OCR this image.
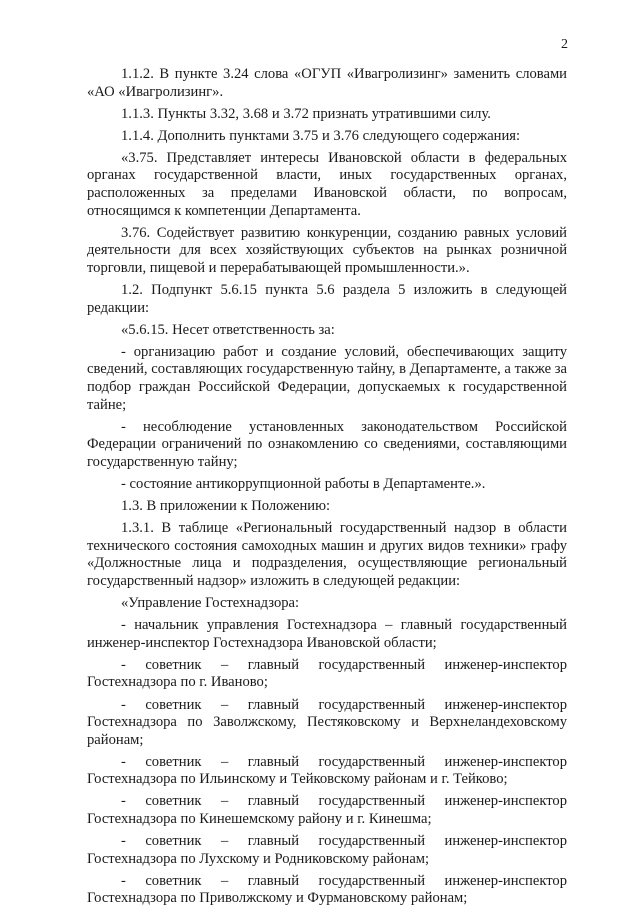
2

1.1.2. В пункте 3.24 слова «ОГУП «Ивагролизинг» заменить словами «АО «Ивагролизинг».

1.1.3. Пункты 3.32, 3.68 и 3.72 признать утратившими силу.

1.1.4. Дополнить пунктами 3.75 и 3.76 следующего содержания:

«3.75. Представляет интересы Ивановской области в федеральных органах государственной власти, иных государственных органах, расположенных за пределами Ивановской области, по вопросам, относящимся к компетенции Департамента.

3.76. Содействует развитию конкуренции, созданию равных условий деятельности для всех хозяйствующих субъектов на рынках розничной торговли, пищевой и перерабатывающей промышленности.».

1.2. Подпункт 5.6.15 пункта 5.6 раздела 5 изложить в следующей редакции:

«5.6.15. Несет ответственность за:

- организацию работ и создание условий, обеспечивающих защиту сведений, составляющих государственную тайну, в Департаменте, а также за подбор граждан Российской Федерации, допускаемых к государственной тайне;

- несоблюдение установленных законодательством Российской Федерации ограничений по ознакомлению со сведениями, составляющими государственную тайну;

- состояние антикоррупционной работы в Департаменте.».

1.3. В приложении к Положению:

1.3.1. В таблице «Региональный государственный надзор в области технического состояния самоходных машин и других видов техники» графу «Должностные лица и подразделения, осуществляющие региональный государственный надзор» изложить в следующей редакции:

«Управление Гостехнадзора:

- начальник управления Гостехнадзора – главный государственный инженер-инспектор Гостехнадзора Ивановской области;

- советник – главный государственный инженер-инспектор Гостехнадзора по г. Иваново;

- советник – главный государственный инженер-инспектор Гостехнадзора по Заволжскому, Пестяковскому и Верхнеландеховскому районам;

- советник – главный государственный инженер-инспектор Гостехнадзора по Ильинскому и Тейковскому районам и г. Тейково;

- советник – главный государственный инженер-инспектор Гостехнадзора по Кинешемскому району и г. Кинешма;

- советник – главный государственный инженер-инспектор Гостехнадзора по Лухскому и Родниковскому районам;

- советник – главный государственный инженер-инспектор Гостехнадзора по Приволжскому и Фурмановскому районам;
